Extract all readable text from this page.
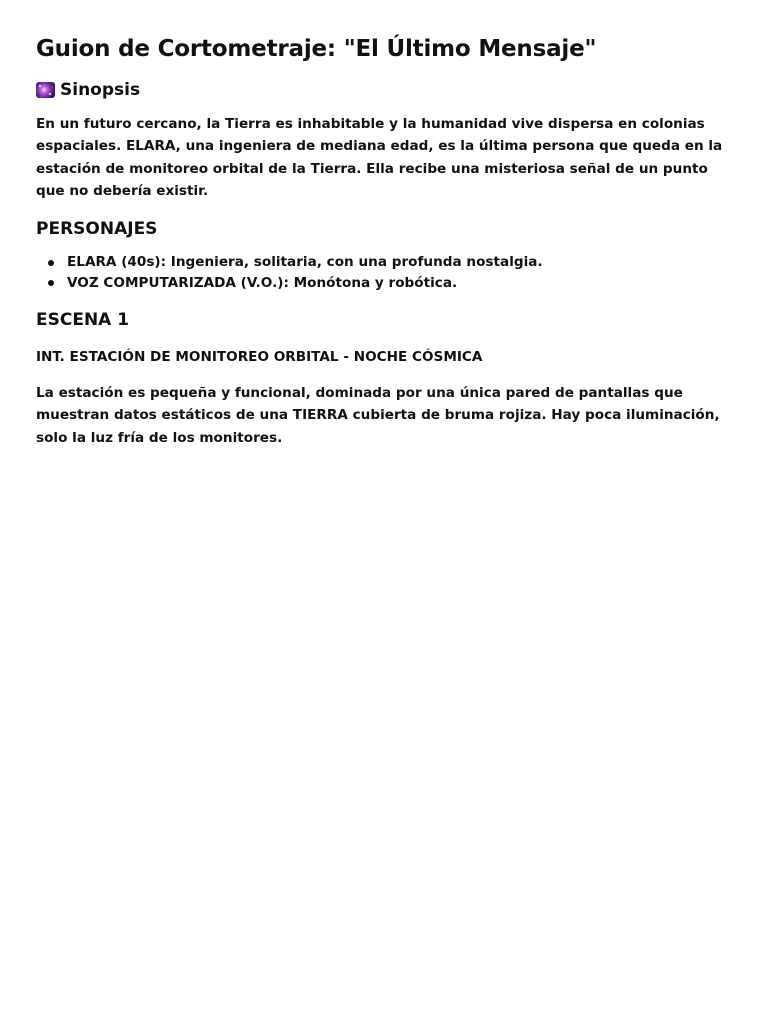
Guion de Cortometraje: "El Último Mensaje"
Sinopsis

En un futuro cercano, la Tierra es inhabitable y la humanidad vive dispersa en colonias espaciales. ELARA, una ingeniera de mediana edad, es la última persona que queda en la estación de monitoreo orbital de la Tierra. Ella recibe una misteriosa señal de un punto que no debería existir.

PERSONAJES
ELARA (40s): Ingeniera, solitaria, con una profunda nostalgia.
VOZ COMPUTARIZADA (V.O.): Monótona y robótica.
ESCENA 1

INT. ESTACIÓN DE MONITOREO ORBITAL - NOCHE CÓSMICA

La estación es pequeña y funcional, dominada por una única pared de pantallas que muestran datos estáticos de una TIERRA cubierta de bruma rojiza. Hay poca iluminación, solo la luz fría de los monitores.
